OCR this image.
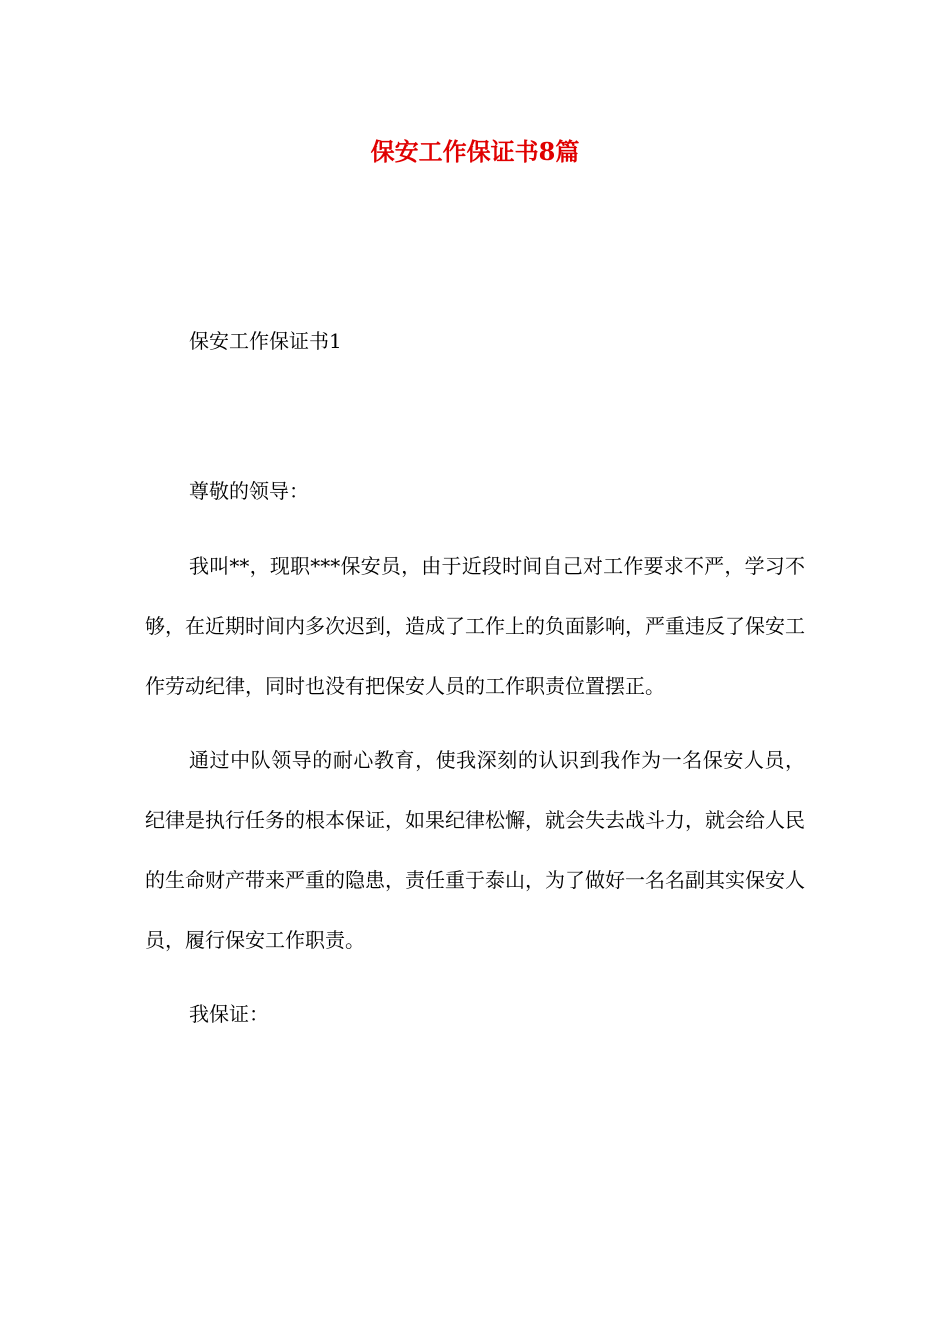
保安工作保证书8篇

保安工作保证书1

尊敬的领导：

我叫**，现职***保安员，由于近段时间自己对工作要求不严，学习不够，在近期时间内多次迟到，造成了工作上的负面影响，严重违反了保安工作劳动纪律，同时也没有把保安人员的工作职责位置摆正。

通过中队领导的耐心教育，使我深刻的认识到我作为一名保安人员，纪律是执行任务的根本保证，如果纪律松懈，就会失去战斗力，就会给人民的生命财产带来严重的隐患，责任重于泰山，为了做好一名名副其实保安人员，履行保安工作职责。

我保证：
